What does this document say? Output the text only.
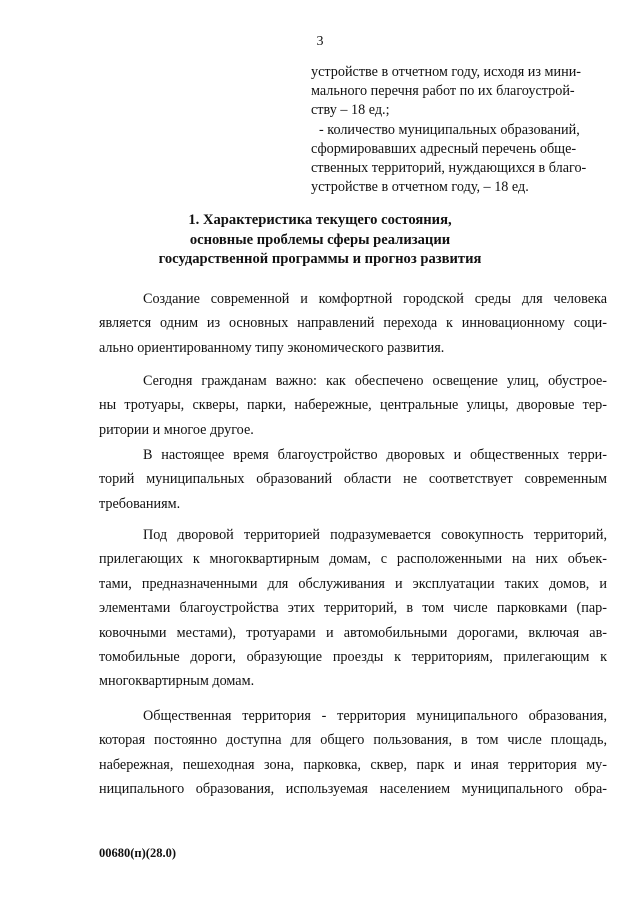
3
устройстве в отчетном году, исходя из мини-
мального перечня работ по их благоустрой-
ству – 18 ед.;
- количество муниципальных образований,
сформировавших адресный перечень обще-
ственных территорий, нуждающихся в благо-
устройстве в отчетном году, – 18 ед.
1. Характеристика текущего состояния,
основные проблемы сферы реализации
государственной программы и прогноз развития
Создание современной и комфортной городской среды для человека
является одним из основных направлений перехода к инновационному соци-
ально ориентированному типу экономического развития.
Сегодня гражданам важно: как обеспечено освещение улиц, обустрое-
ны тротуары, скверы, парки, набережные, центральные улицы, дворовые тер-
ритории и многое другое.
В настоящее время благоустройство дворовых и общественных терри-
торий муниципальных образований области не соответствует современным
требованиям.
Под дворовой территорией подразумевается совокупность территорий,
прилегающих к многоквартирным домам, с расположенными на них объек-
тами, предназначенными для обслуживания и эксплуатации таких домов, и
элементами благоустройства этих территорий, в том числе парковками (пар-
ковочными местами), тротуарами и автомобильными дорогами, включая ав-
томобильные дороги, образующие проезды к территориям, прилегающим к
многоквартирным домам.
Общественная территория - территория муниципального образования,
которая постоянно доступна для общего пользования, в том числе площадь,
набережная, пешеходная зона, парковка, сквер, парк и иная территория му-
ниципального образования, используемая населением муниципального обра-
00680(п)(28.0)
